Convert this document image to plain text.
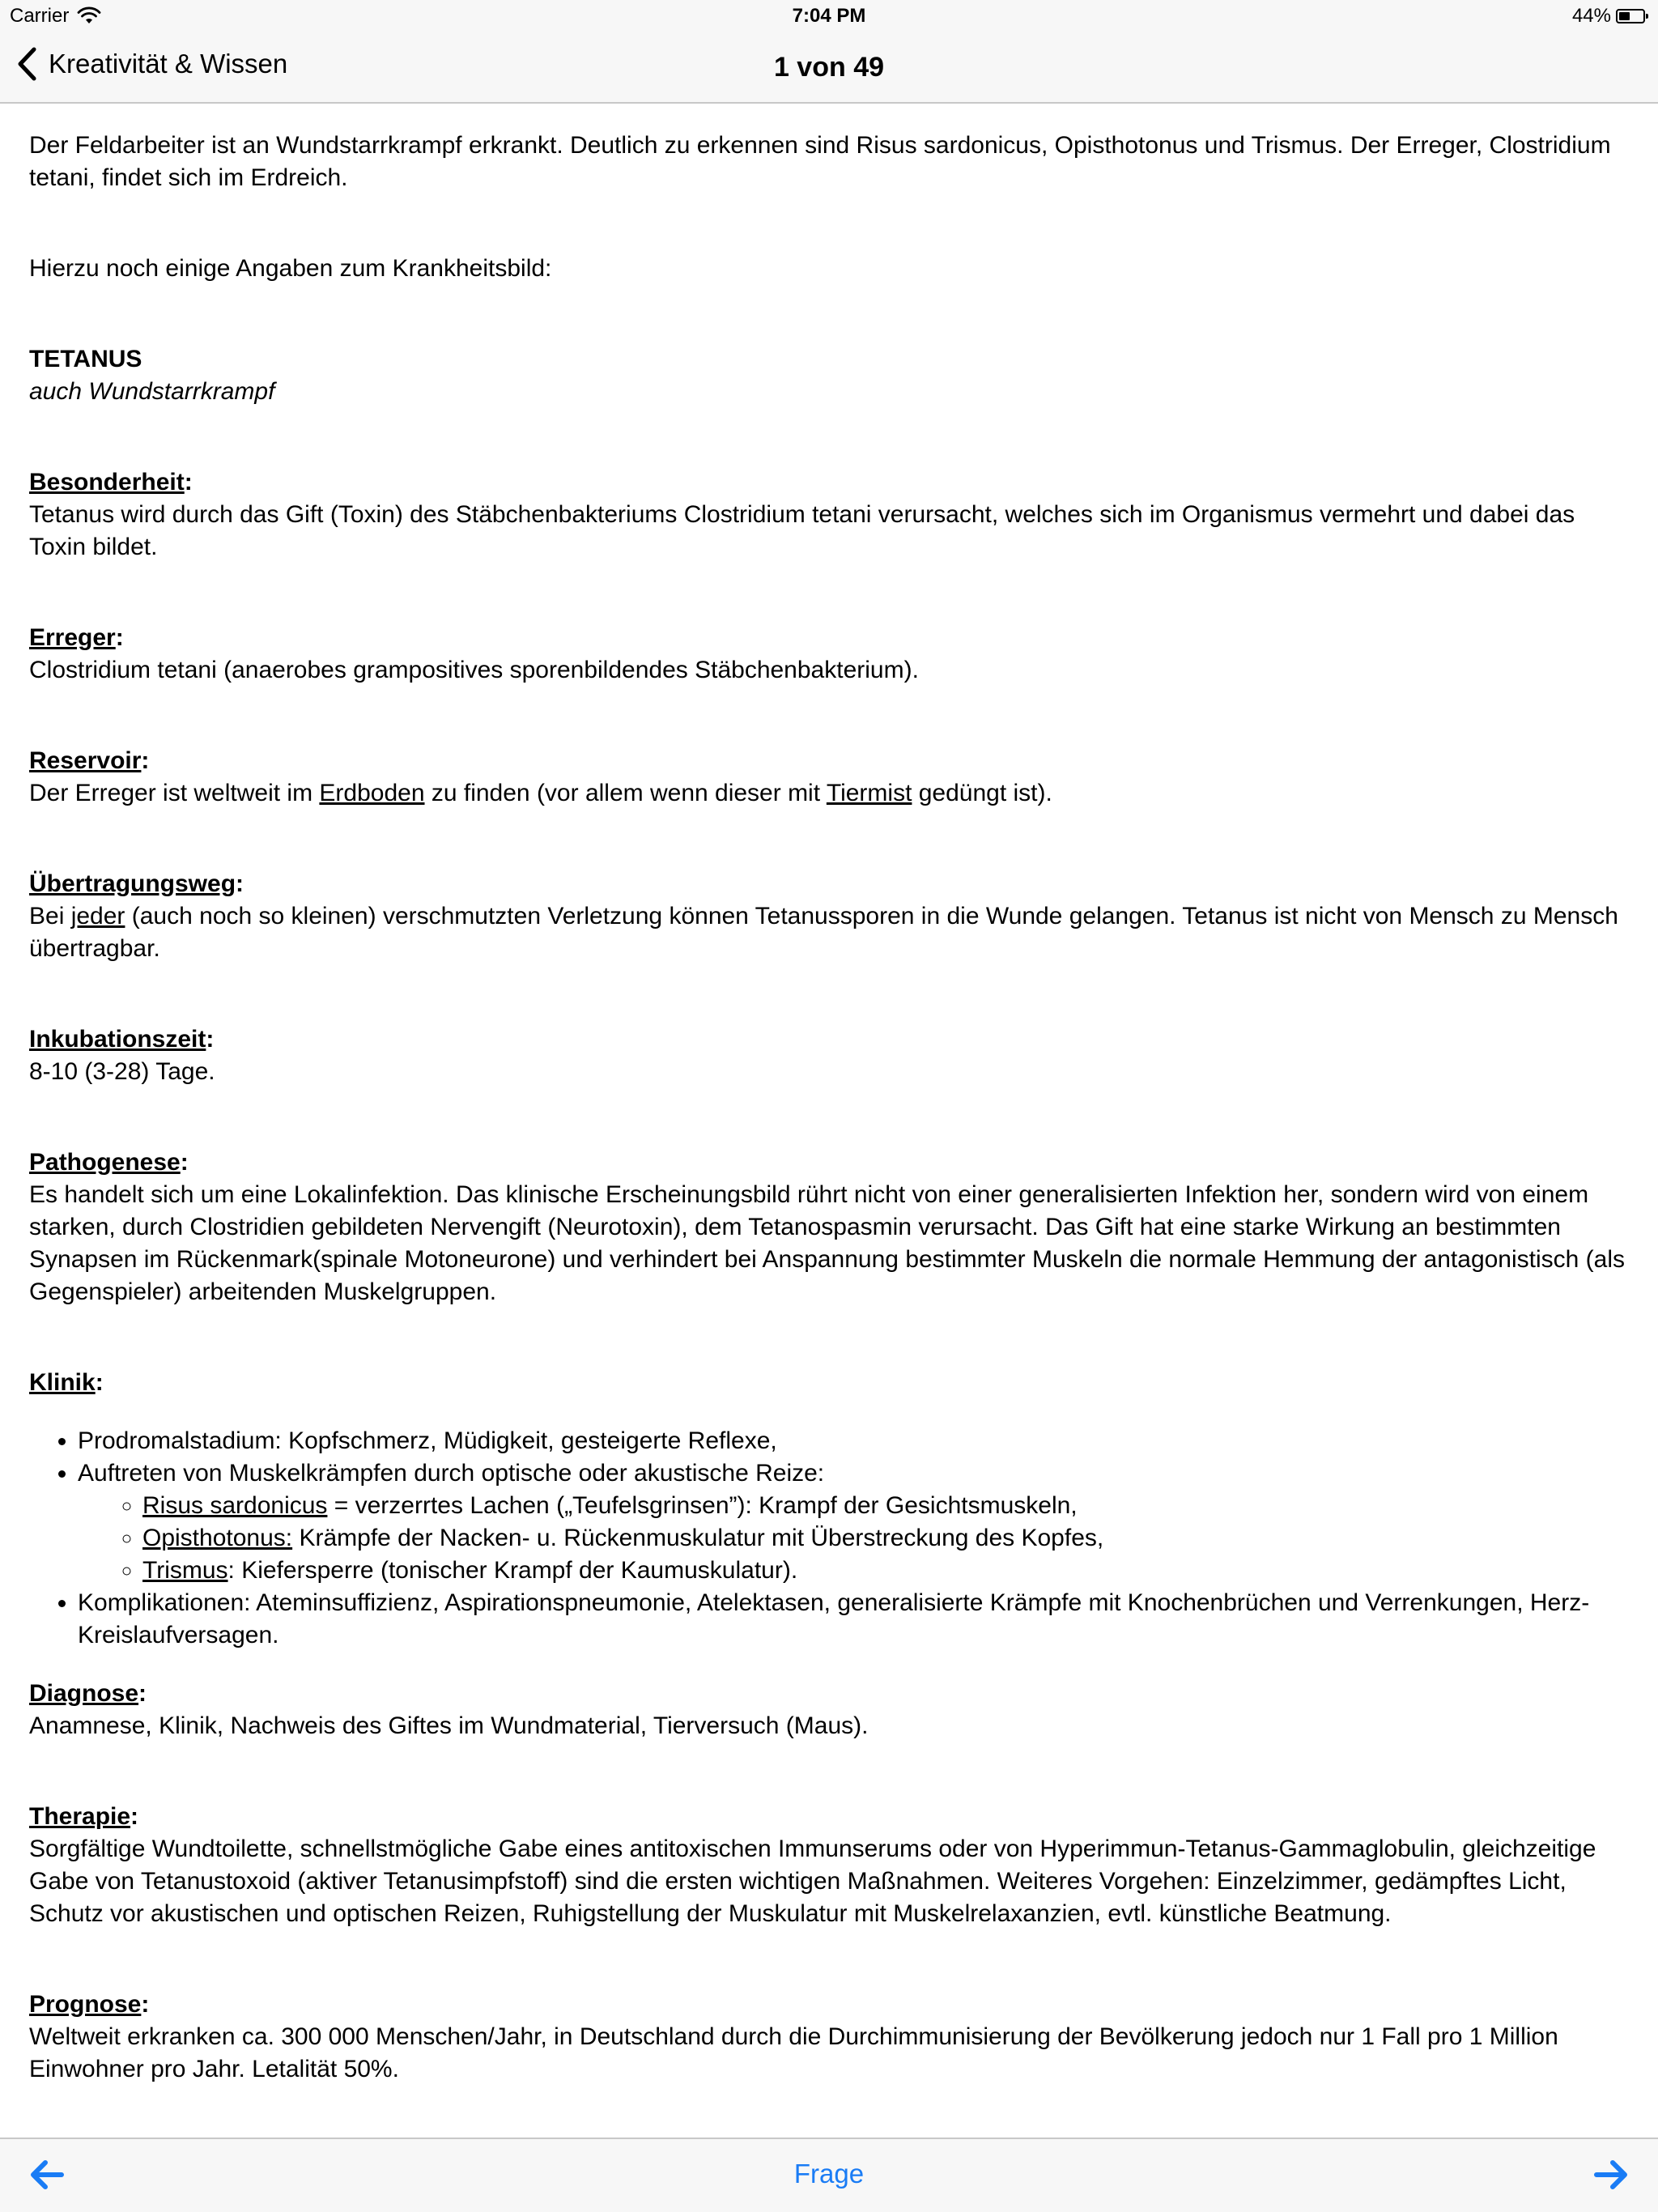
Carrier	7:04 PM	44%
Kreativität & Wissen	1 von 49

Der Feldarbeiter ist an Wundstarrkrampf erkrankt. Deutlich zu erkennen sind Risus sardonicus, Opisthotonus und Trismus. Der Erreger, Clostridium tetani, findet sich im Erdreich.

Hierzu noch einige Angaben zum Krankheitsbild:

TETANUS

auch Wundstarrkrampf

Besonderheit:

Tetanus wird durch das Gift (Toxin) des Stäbchenbakteriums Clostridium tetani verursacht, welches sich im Organismus vermehrt und dabei das Toxin bildet.

Erreger:

Clostridium tetani (anaerobes grampositives sporenbildendes Stäbchenbakterium).

Reservoir:

Der Erreger ist weltweit im Erdboden zu finden (vor allem wenn dieser mit Tiermist gedüngt ist).

Übertragungsweg:

Bei jeder (auch noch so kleinen) verschmutzten Verletzung können Tetanussporen in die Wunde gelangen. Tetanus ist nicht von Mensch zu Mensch übertragbar.

Inkubationszeit:

8-10 (3-28) Tage.

Pathogenese:

Es handelt sich um eine Lokalinfektion. Das klinische Erscheinungsbild rührt nicht von einer generalisierten Infektion her, sondern wird von einem starken, durch Clostridien gebildeten Nervengift (Neurotoxin), dem Tetanospasmin verursacht. Das Gift hat eine starke Wirkung an bestimmten Synapsen im Rückenmark(spinale Motoneurone) und verhindert bei Anspannung bestimmter Muskeln die normale Hemmung der antagonistisch (als Gegenspieler) arbeitenden Muskelgruppen.

Klinik:

• Prodromalstadium: Kopfschmerz, Müdigkeit, gesteigerte Reflexe,
• Auftreten von Muskelkrämpfen durch optische oder akustische Reize:
◦ Risus sardonicus = verzerrtes Lachen („Teufelsgrinsen”): Krampf der Gesichtsmuskeln,
◦ Opisthotonus: Krämpfe der Nacken- u. Rückenmuskulatur mit Überstreckung des Kopfes,
◦ Trismus: Kiefersperre (tonischer Krampf der Kaumuskulatur).
• Komplikationen: Ateminsuffizienz, Aspirationspneumonie, Atelektasen, generalisierte Krämpfe mit Knochenbrüchen und Verrenkungen, Herz-Kreislaufversagen.

Diagnose:

Anamnese, Klinik, Nachweis des Giftes im Wundmaterial, Tierversuch (Maus).

Therapie:

Sorgfältige Wundtoilette, schnellstmögliche Gabe eines antitoxischen Immunserums oder von Hyperimmun-Tetanus-Gammaglobulin, gleichzeitige Gabe von Tetanustoxoid (aktiver Tetanusimpfstoff) sind die ersten wichtigen Maßnahmen. Weiteres Vorgehen: Einzelzimmer, gedämpftes Licht, Schutz vor akustischen und optischen Reizen, Ruhigstellung der Muskulatur mit Muskelrelaxanzien, evtl. künstliche Beatmung.

Prognose:

Weltweit erkranken ca. 300 000 Menschen/Jahr, in Deutschland durch die Durchimmunisierung der Bevölkerung jedoch nur 1 Fall pro 1 Million Einwohner pro Jahr. Letalität 50%.

Frage
